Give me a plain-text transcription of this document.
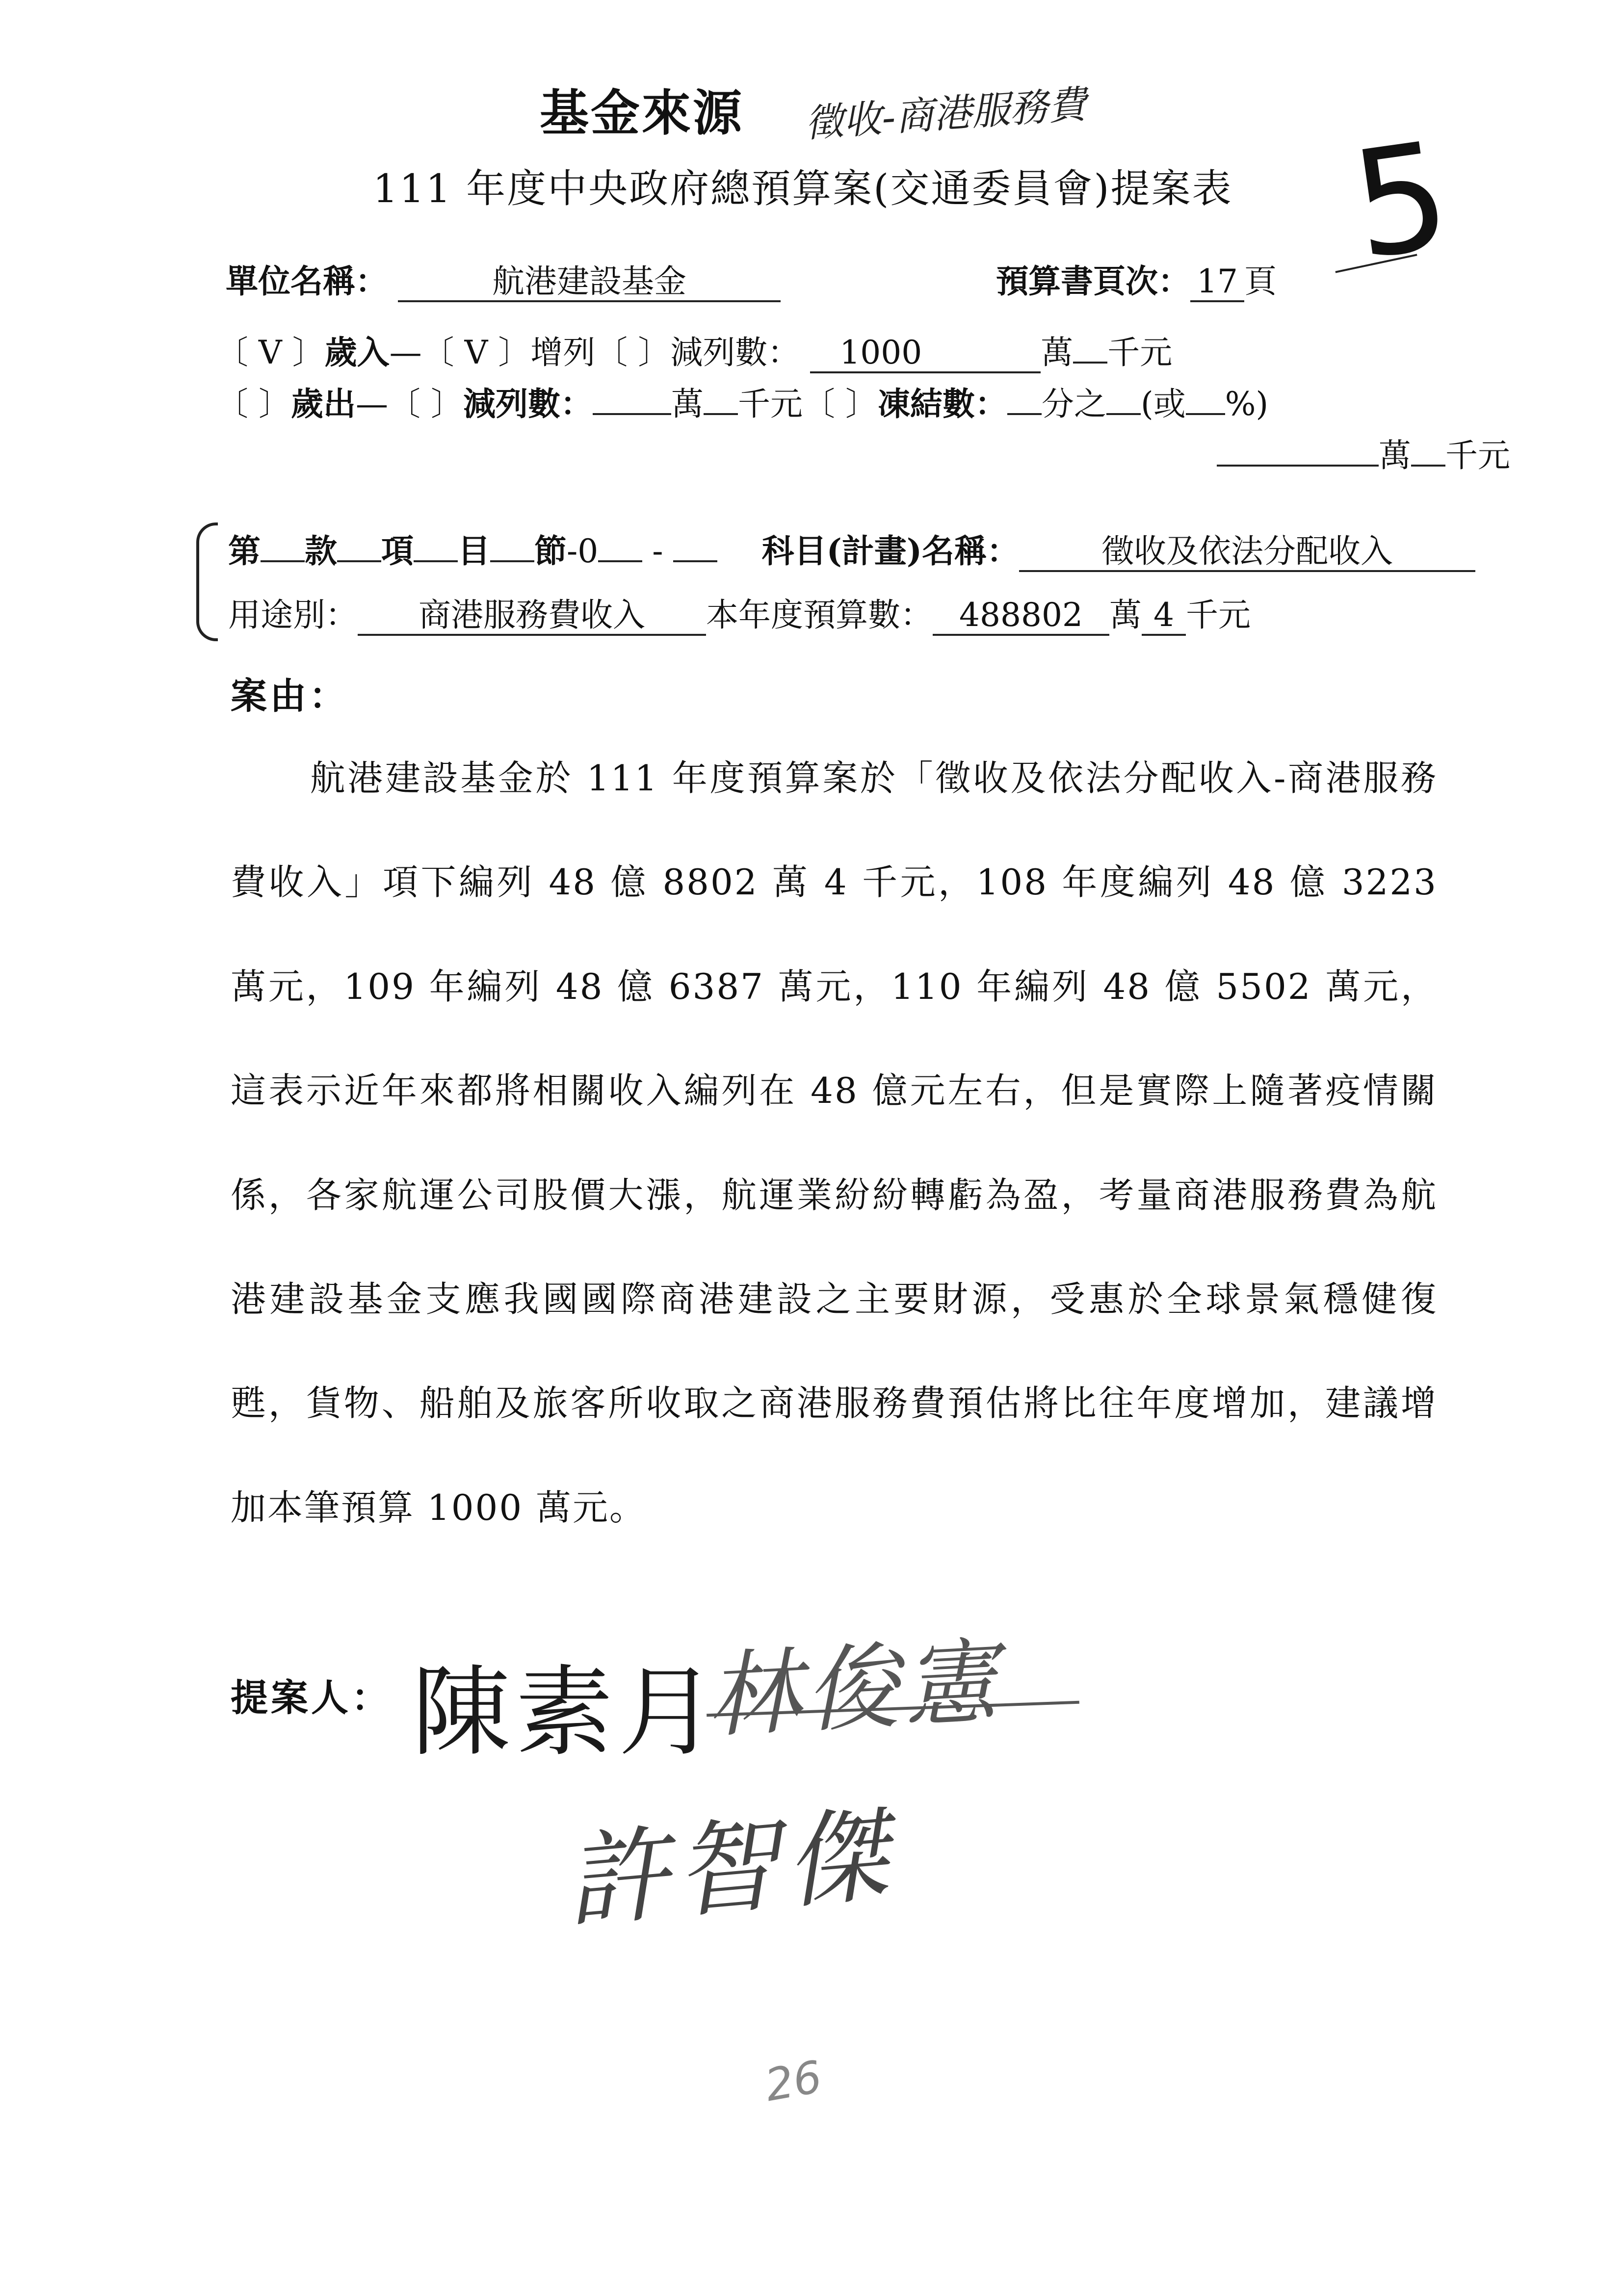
基金來源 徵收-商港服務費
111 年度中央政府總預算案(交通委員會)提案表 5
單位名稱：	航港建設基金	預算書頁次： 17 頁
〔 V 〕歲入—〔 V 〕增列〔 〕減列數： 1000	萬 千元
〔 〕歲出—〔 〕減列數： 萬 千元〔 〕凍結數： 分之 (或 %)
萬 千元
第 款 項 目 節-0 -	科目(計畫)名稱：	徵收及依法分配收入
用途別： 商港服務費收入 本年度預算數： 488802 萬 4 千元
案由：
航港建設基金於 111 年度預算案於「徵收及依法分配收入-商港服務費收入」項下編列 48 億 8802 萬 4 千元，108 年度編列 48 億 3223 萬元，109 年編列 48 億 6387 萬元，110 年編列 48 億 5502 萬元，這表示近年來都將相關收入編列在 48 億元左右，但是實際上隨著疫情關係，各家航運公司股價大漲，航運業紛紛轉虧為盈，考量商港服務費為航港建設基金支應我國國際商港建設之主要財源，受惠於全球景氣穩健復甦，貨物、船舶及旅客所收取之商港服務費預估將比往年度增加，建議增加本筆預算 1000 萬元。
提案人： 陳素月
林俊憲
許智傑
26
